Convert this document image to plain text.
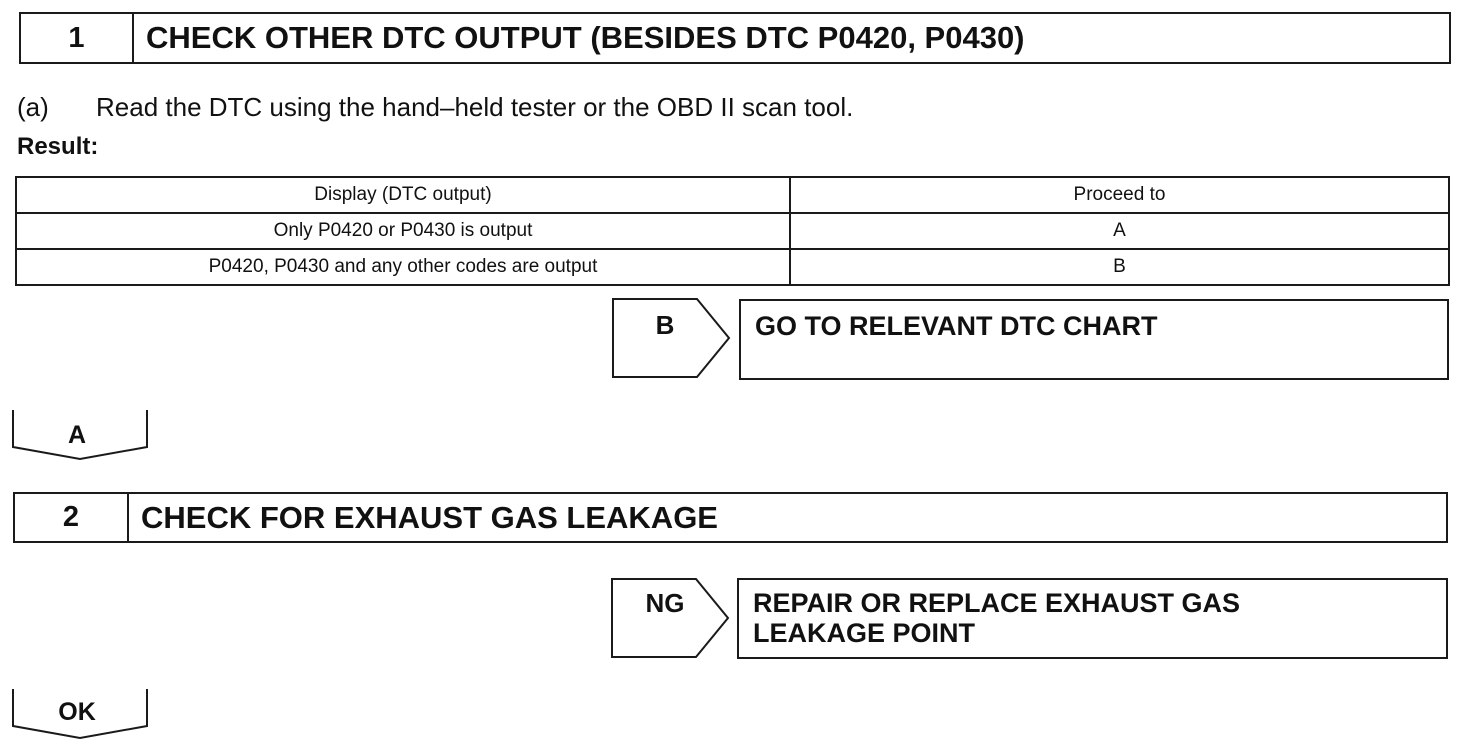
1	CHECK OTHER DTC OUTPUT (BESIDES DTC P0420, P0430)
(a) Read the DTC using the hand–held tester or the OBD II scan tool.
Result:
Display (DTC output)	Proceed to
Only P0420 or P0430 is output	A
P0420, P0430 and any other codes are output	B
B	GO TO RELEVANT DTC CHART
A
2	CHECK FOR EXHAUST GAS LEAKAGE
NG	REPAIR OR REPLACE EXHAUST GAS
LEAKAGE POINT
OK
